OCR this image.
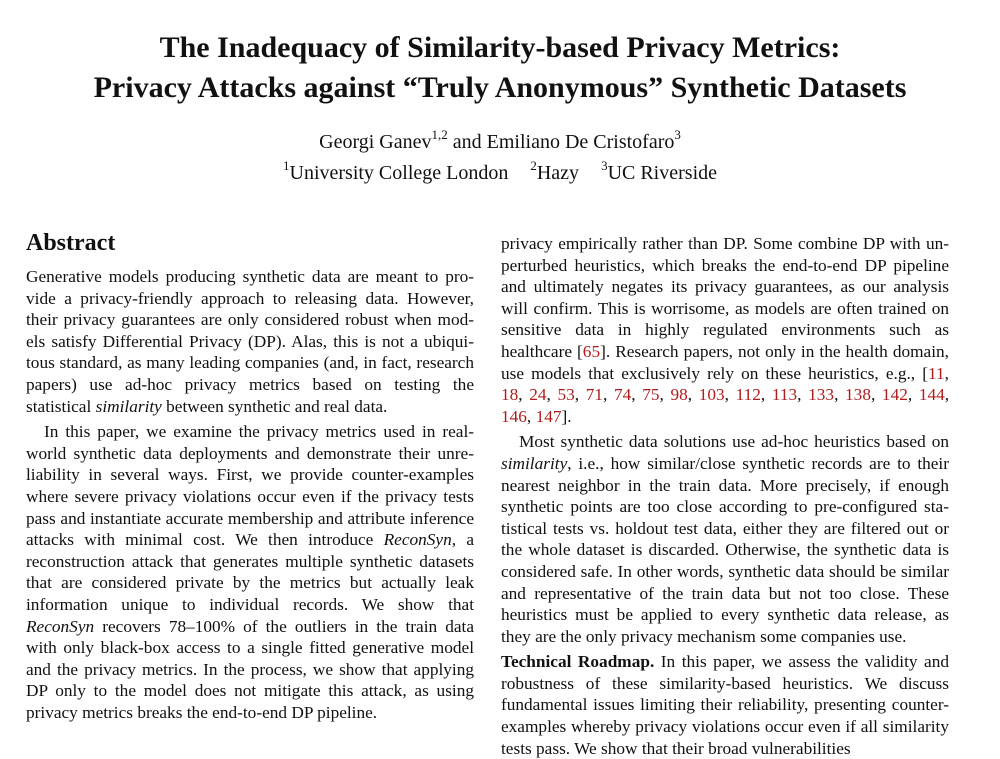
The Inadequacy of Similarity-based Privacy Metrics:
Privacy Attacks against “Truly Anonymous” Synthetic Datasets
Georgi Ganev$^{1,2}$ and Emiliano De Cristofaro$^3$
$^1$University College London $^2$Hazy $^3$UC Riverside
Abstract

Generative models producing synthetic data are meant to provide a privacy-friendly approach to releasing data. However, their privacy guarantees are only considered robust when models satisfy Differential Privacy (DP). Alas, this is not a ubiquitous standard, as many leading companies (and, in fact, research papers) use ad-hoc privacy metrics based on testing the statistical similarity between synthetic and real data.

In this paper, we examine the privacy metrics used in real-world synthetic data deployments and demonstrate their unreliability in several ways. First, we provide counter-examples where severe privacy violations occur even if the privacy tests pass and instantiate accurate membership and attribute inference attacks with minimal cost. We then introduce ReconSyn, a reconstruction attack that generates multiple synthetic datasets that are considered private by the metrics but actually leak information unique to individual records. We show that ReconSyn recovers 78–100% of the outliers in the train data with only black-box access to a single fitted generative model and the privacy metrics. In the process, we show that applying DP only to the model does not mitigate this attack, as using privacy metrics breaks the end-to-end DP pipeline.

privacy empirically rather than DP. Some combine DP with unperturbed heuristics, which breaks the end-to-end DP pipeline and ultimately negates its privacy guarantees, as our analysis will confirm. This is worrisome, as models are often trained on sensitive data in highly regulated environments such as healthcare [65]. Research papers, not only in the health domain, use models that exclusively rely on these heuristics, e.g., [11, 18, 24, 53, 71, 74, 75, 98, 103, 112, 113, 133, 138, 142, 144, 146, 147].

Most synthetic data solutions use ad-hoc heuristics based on similarity, i.e., how similar/close synthetic records are to their nearest neighbor in the train data. More precisely, if enough synthetic points are too close according to pre-configured statistical tests vs. holdout test data, either they are filtered out or the whole dataset is discarded. Otherwise, the synthetic data is considered safe. In other words, synthetic data should be similar and representative of the train data but not too close. These heuristics must be applied to every synthetic data release, as they are the only privacy mechanism some companies use.

Technical Roadmap. In this paper, we assess the validity and robustness of these similarity-based heuristics. We discuss fundamental issues limiting their reliability, presenting counter-examples whereby privacy violations occur even if all similarity tests pass. We show that their broad vulnerabilities
